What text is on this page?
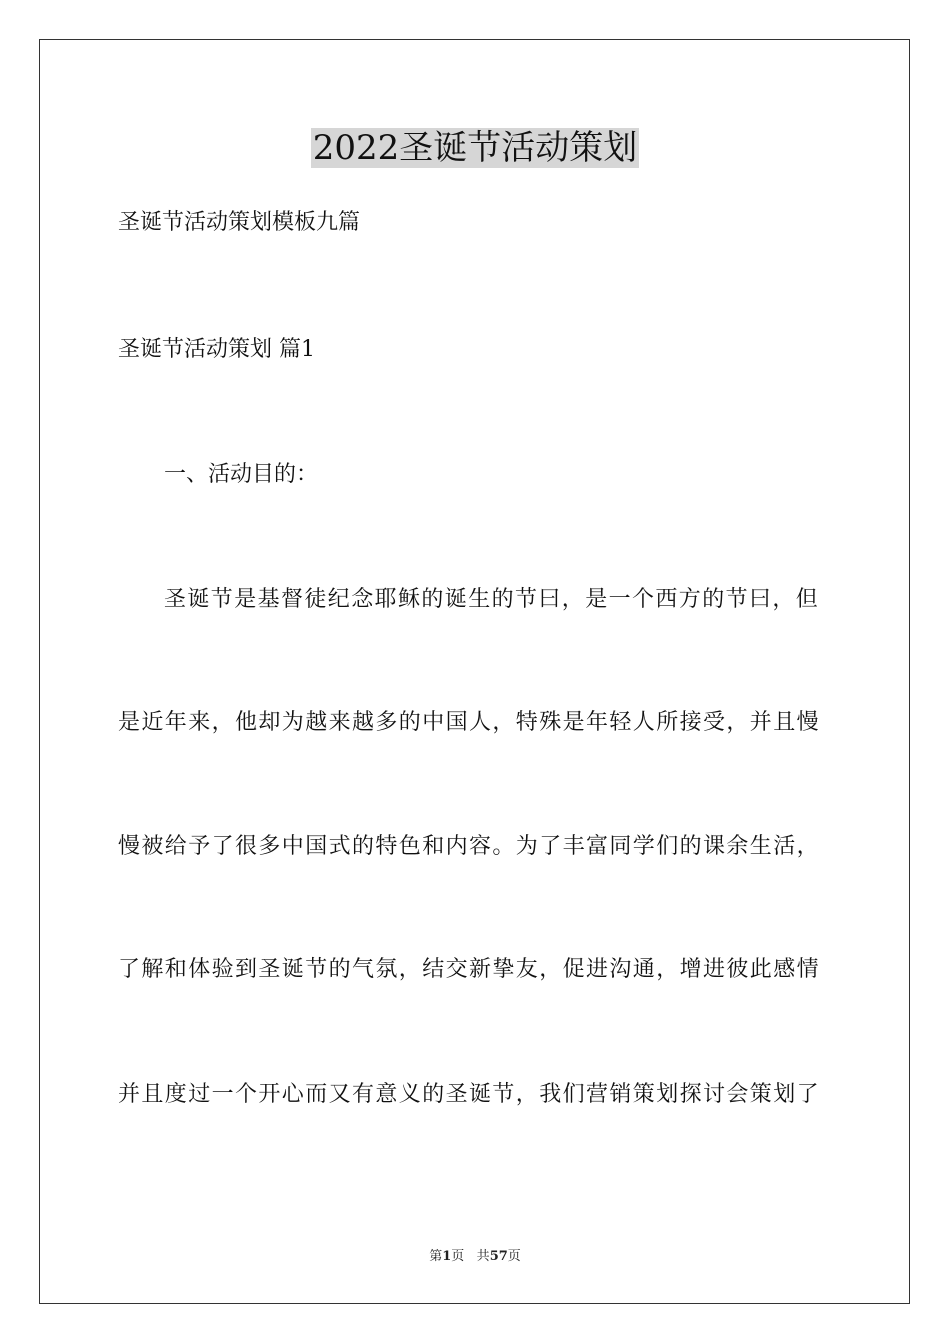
2022圣诞节活动策划
圣诞节活动策划模板九篇
圣诞节活动策划 篇1
一、活动目的：
圣诞节是基督徒纪念耶稣的诞生的节曰，是一个西方的节曰，但
是近年来，他却为越来越多的中国人，特殊是年轻人所接受，并且慢
慢被给予了很多中国式的特色和内容。为了丰富同学们的课余生活，
了解和体验到圣诞节的气氛，结交新挚友，促进沟通，增进彼此感情
并且度过一个开心而又有意义的圣诞节，我们营销策划探讨会策划了
第1页 共57页
